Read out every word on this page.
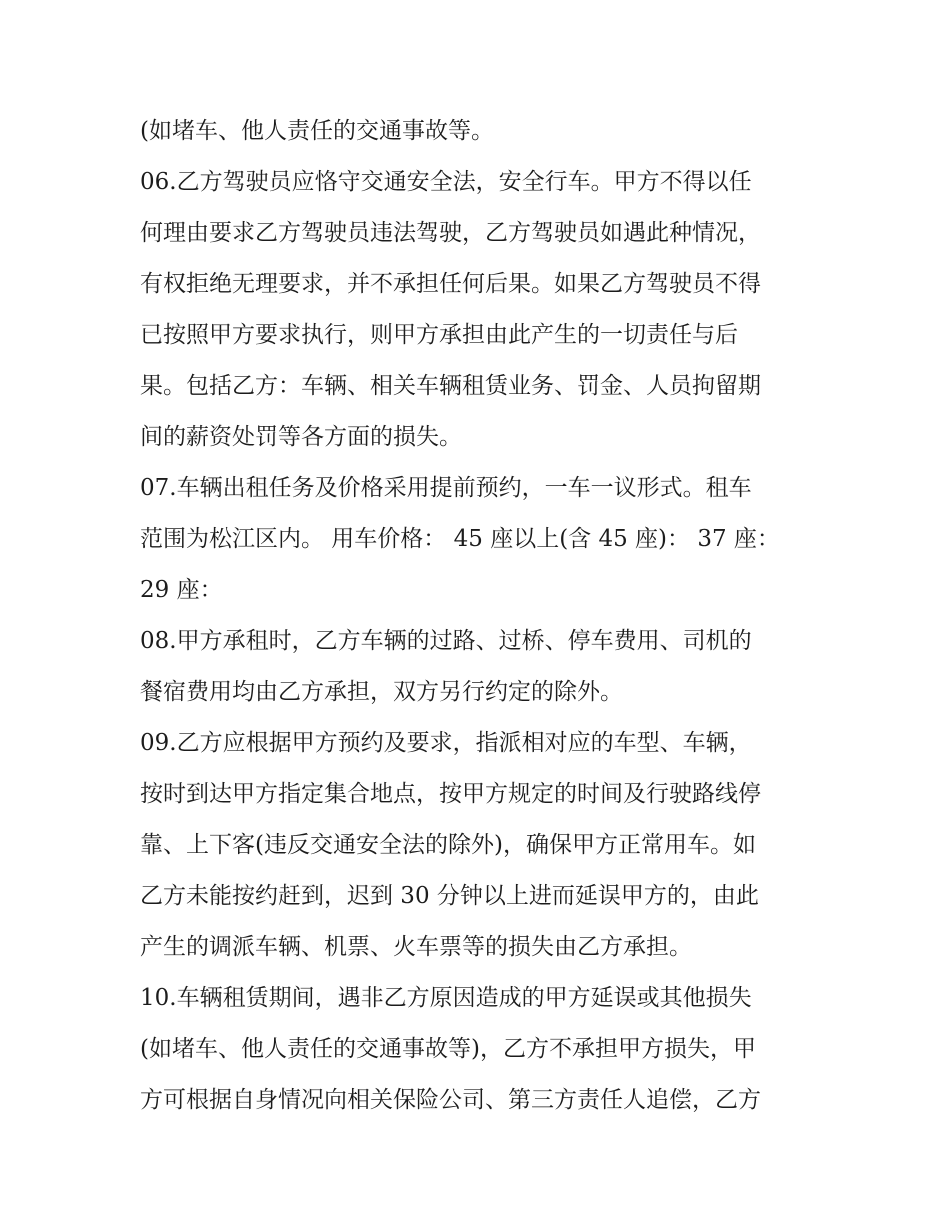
(如堵车、他人责任的交通事故等。
06.乙方驾驶员应恪守交通安全法，安全行车。甲方不得以任
何理由要求乙方驾驶员违法驾驶，乙方驾驶员如遇此种情况，
有权拒绝无理要求，并不承担任何后果。如果乙方驾驶员不得
已按照甲方要求执行，则甲方承担由此产生的一切责任与后
果。包括乙方：车辆、相关车辆租赁业务、罚金、人员拘留期
间的薪资处罚等各方面的损失。
07.车辆出租任务及价格采用提前预约，一车一议形式。租车
范围为松江区内。 用车价格： 45 座以上(含 45 座)： 37 座：
29 座：
08.甲方承租时，乙方车辆的过路、过桥、停车费用、司机的
餐宿费用均由乙方承担，双方另行约定的除外。
09.乙方应根据甲方预约及要求，指派相对应的车型、车辆，
按时到达甲方指定集合地点，按甲方规定的时间及行驶路线停
靠、上下客(违反交通安全法的除外)，确保甲方正常用车。如
乙方未能按约赶到，迟到 30 分钟以上进而延误甲方的，由此
产生的调派车辆、机票、火车票等的损失由乙方承担。
10.车辆租赁期间，遇非乙方原因造成的甲方延误或其他损失
(如堵车、他人责任的交通事故等)，乙方不承担甲方损失，甲
方可根据自身情况向相关保险公司、第三方责任人追偿，乙方
